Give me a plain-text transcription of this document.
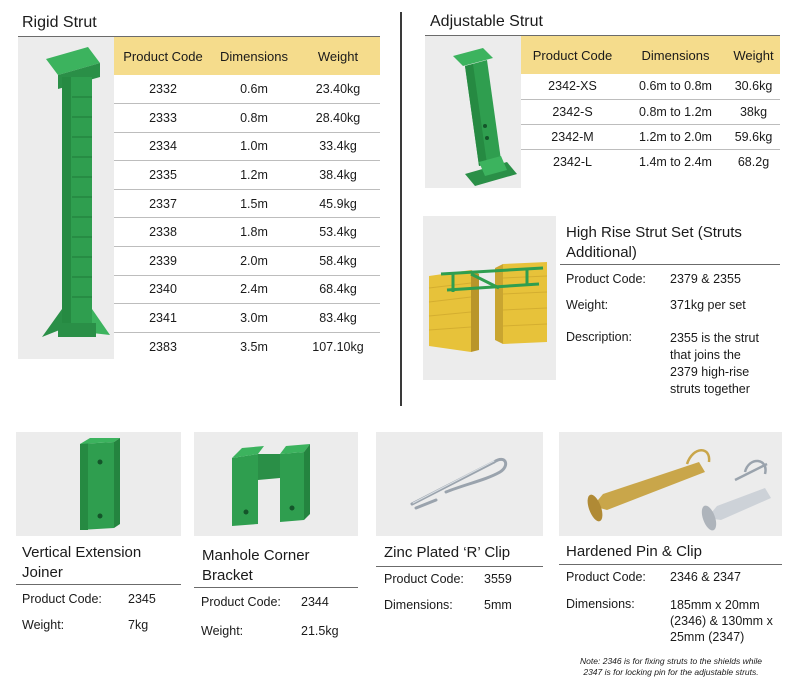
Rigid Strut
Product Code	Dimensions	Weight
2332	0.6m	23.40kg
2333	0.8m	28.40kg
2334	1.0m	33.4kg
2335	1.2m	38.4kg
2337	1.5m	45.9kg
2338	1.8m	53.4kg
2339	2.0m	58.4kg
2340	2.4m	68.4kg
2341	3.0m	83.4kg
2383	3.5m	107.10kg
Adjustable Strut
Product Code	Dimensions	Weight
2342-XS	0.6m to 0.8m	30.6kg
2342-S	0.8m to 1.2m	38kg
2342-M	1.2m to 2.0m	59.6kg
2342-L	1.4m to 2.4m	68.2g
High Rise Strut Set (Struts
Additional)
Product Code: 2379 & 2355
Weight:	371kg per set
Description:	2355 is the strut
that joins the
2379 high-rise
struts together
Vertical Extension
Joiner
Product Code: 2345
Weight:	7kg
Manhole Corner
Bracket
Product Code: 2344
Weight:	21.5kg
Zinc Plated ‘R’ Clip
Product Code: 3559
Dimensions: 5mm
Hardened Pin & Clip
Product Code: 2346 & 2347
Dimensions:	185mm x 20mm
(2346) & 130mm x
25mm (2347)
Note: 2346 is for fixing struts to the shields while
2347 is for locking pin for the adjustable struts.
